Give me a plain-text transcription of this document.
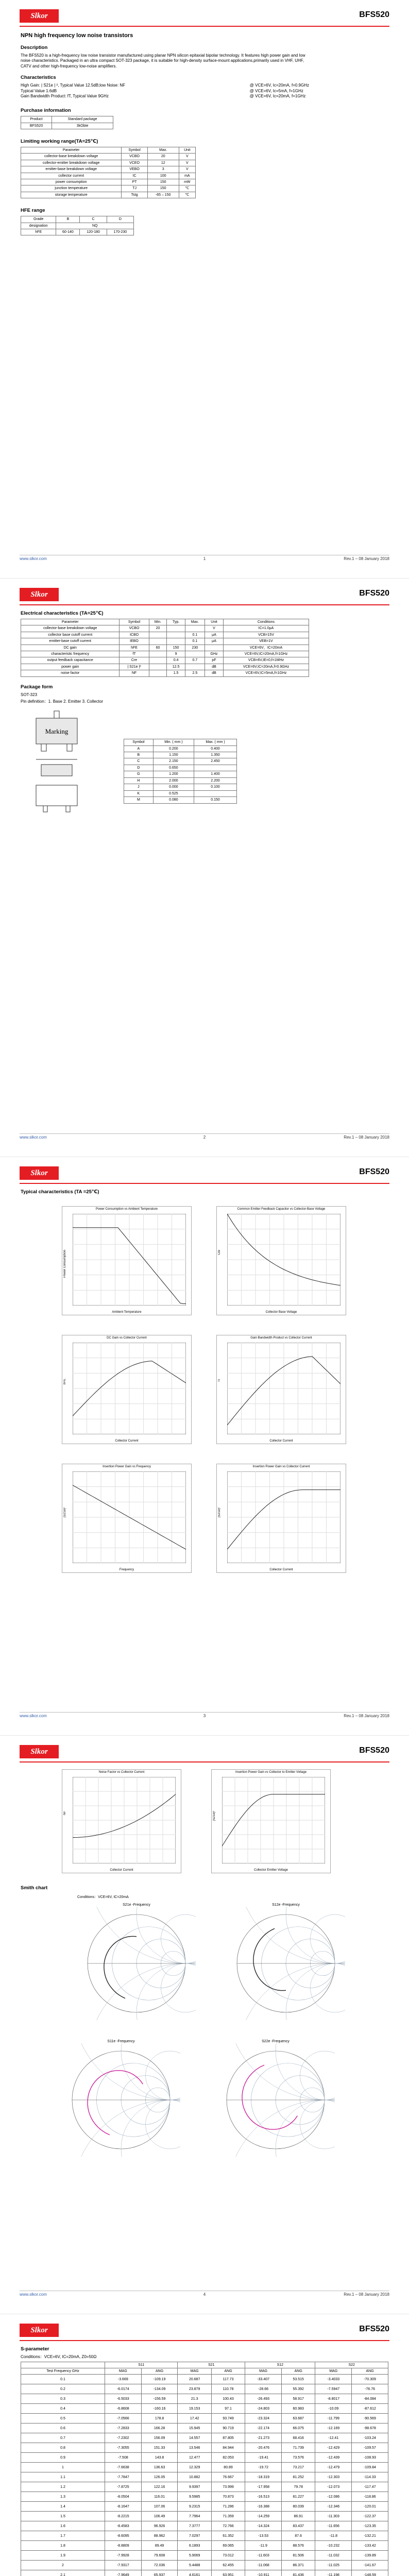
Slkor	BFS520
NPN high frequency low noise transistors
Description

The BFS520 is a high-frequency low noise transistor manufactured using planar NPN silicon epitaxial bipolar technology. It features high power gain and low noise characteristics. Packaged in an ultra compact SOT-323 package, it is suitable for high-density surface-mount applications,primarily used in VHF, UHF, CATV and other high-frequency low-noise amplifiers.

Characteristics
High Gain: | S21e | ², Typical Value 12.5dB;low Noise: NF
Typical Value 1.6dB
Gain Bandwidth Product: fT, Typical Value 9GHz
@ VCE=6V, Ic=20mA, f=0.9GHz
@ VCE=6V, Ic=5mA, f=1GHz
@ VCE=6V, Ic=20mA, f=1GHz
Purchase information
Product	Standard package
BFS520	3kObte
Limiting working range(TA=25℃)
Parameter	Symbol	Max.	Unit
collector-base breakdown voltage	VCBO	20	V
collector-emitter breakdown voltage	VCEO	12	V
emitter-base breakdown voltage	VEBO	3	V
collector current	IC	100	mA
power consumption	PT	150	mW
junction temperature	TJ	150	℃
storage temperature	Tstg	-65 – 150	℃
HFE range
Grade	B	C	D
designation	NQ		
hFE	60-140	120-180	170-230
www.slkor.com	1	Rev.1 – 08 January 2018
Slkor	BFS520
Electrical characteristics (TA=25℃)
Parameter	Symbol	Min.	Typ.	Max.	Unit	Conditions
collector-base breakdown voltage	VCBO	20			V	IC=1.0μA
collector base cutoff current	ICBO			0.1	μA	VCB=15V
emitter-base cutoff current	IEBO			0.1	μA	VEB=1V
DC gain	hFE	60	150	230		VCE=6V，IC=20mA
characteristic frequency	fT		9		GHz	VCE=6V,IC=20mA,f=1GHz
output feedback capacitance	Cre		0.4	0.7	pF	VCB=6V,IE=0,f=1MHz
power gain	| S21e |²		12.5		dB	VCE=6V,IC=20mA,f=0.9GHz
noise factor	NF		1.5	2.5	dB	VCE=6V,IC=5mA,f=1GHz
Package form

SOT-323

Pin definition：1. Base 2. Emitter 3. Collector

Marking
Symbol	Min. ( mm )	Max. ( mm )
A	0.200	0.400
B	1.150	1.350
C	2.150	2.450
D	0.650	
G	1.200	1.400
H	2.000	2.200
J	0.000	0.100
K	0.525	
M	0.080	0.150
www.slkor.com	2	Rev.1 – 08 January 2018
Slkor	BFS520
Typical characteristics (TA =25℃)
Power Consumption vs Ambient Temperature
Ambient Temperature
Power Consumption
Common Emitter Feedback Capacitor vs Collector-Base Voltage
Collector Base Voltage
Cre
DC Gain vs Collector Current
Collector Current
hFE
Gain Bandwidth Product vs Collector Current
Collector Current
fT
Insertion Power Gain vs Frequency
Frequency
|S21e|²
Insertion Power Gain vs Collector Current
Collector Current
|S21e|²
www.slkor.com	3	Rev.1 – 08 January 2018
Slkor	BFS520
Noise Factor vs Collector Current
Collector Current
NF
Insertion Power Gain vs Collector to Emitter Voltage
Collector Emitter Voltage
|S21e|²
Smith chart
Conditions：VCE=6V, IC=20mA
S21e -Frequency	S12e -Frequency
S11e -Frequency	S22e -Frequency
www.slkor.com	4	Rev.1 – 08 January 2018
Slkor	BFS520
S-parameter

Conditions：VCE=6V, IC=20mA, Z0=50Ω

	S11		S21		S12		S22	
Test Frequency GHz	MAG	ANG	MAG	ANG	MAG	ANG	MAG	ANG
0.1	-3.669	-109.19	20.687	117.73	-33.407	53.515	-3.4033	-70.309
0.2	-6.0174	-134.09	23.879	110.78	-28.66	55.392	-7.5947	-76.76
0.3	-6.5033	-156.59	21.3	100.43	-26.493	58.917	-8.8017	-84.084
0.4	-6.8608	-160.16	19.153	97.1	-24.803	60.983	-10.09	-87.612
0.5	-7.0566	178.8	17.42	93.749	-23.324	63.687	-11.799	-90.569
0.6	-7.2833	166.28	15.945	90.719	-22.174	66.075	-12.169	-98.678
0.7	-7.2302	156.09	14.557	87.805	-21.273	68.416	-12.41	-103.24
0.8	-7.3055	151.33	13.546	84.944	-20.476	71.739	-12.429	-109.57
0.9	-7.508	143.8	12.477	82.053	-19.41	73.576	-12.439	-108.93
1	-7.6638	136.63	12.329	80.89	-19.72	73.217	-12.479	-109.84
1.1	-7.7847	126.05	10.882	76.667	-18.319	81.252	-12.303	-114.33
1.2	-7.8725	122.16	9.9397	73.999	-17.958	79.78	-12.073	-117.47
1.3	-8.0504	116.01	9.5985	70.873	-16.513	81.227	-12.086	-118.86
1.4	-8.1647	107.06	9.2315	71.286	-16.388	80.039	-12.346	-120.01
1.5	-8.2215	106.49	7.7964	71.359	-14.259	86.91	-11.303	-122.37
1.6	-8.4583	96.926	7.3777	72.766	-14.324	83.437	-11.656	-123.35
1.7	-8.6095	88.962	7.0297	61.352	-13.53	87.6	-11.8	-132.21
1.8	-8.8809	89.49	6.1893	69.065	-11.9	88.576	-10.232	-133.42
1.9	-7.9928	79.608	5.9069	73.012	-11.603	81.506	-11.032	-139.89
2	-7.9317	72.036	5.4488	62.455	-11.068	86.371	-11.025	-141.67
2.1	-7.9649	65.937	4.6161	63.951	-10.911	81.436	-11.198	-148.59
